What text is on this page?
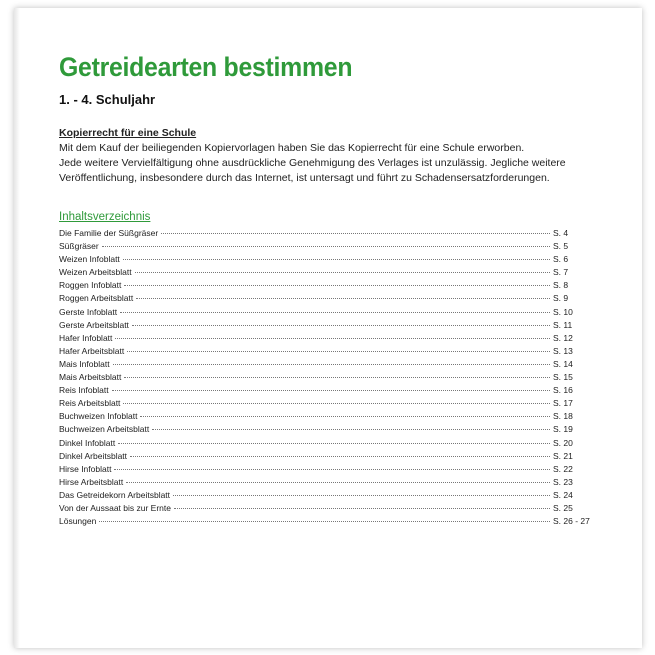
Getreidearten bestimmen
1. - 4. Schuljahr
Kopierrecht für eine Schule
Mit dem Kauf der beiliegenden Kopiervorlagen haben Sie das Kopierrecht für eine Schule erworben.
Jede weitere Vervielfältigung ohne ausdrückliche Genehmigung des Verlages ist unzulässig. Jegliche weitere
Veröffentlichung, insbesondere durch das Internet, ist untersagt und führt zu Schadensersatzforderungen.
Inhaltsverzeichnis
Die Familie der Süßgräser	S. 4
Süßgräser	S. 5
Weizen Infoblatt	S. 6
Weizen Arbeitsblatt	S. 7
Roggen Infoblatt	S. 8
Roggen Arbeitsblatt	S. 9
Gerste Infoblatt	S. 10
Gerste Arbeitsblatt	S. 11
Hafer Infoblatt	S. 12
Hafer Arbeitsblatt	S. 13
Mais Infoblatt	S. 14
Mais Arbeitsblatt	S. 15
Reis Infoblatt	S. 16
Reis Arbeitsblatt	S. 17
Buchweizen Infoblatt	S. 18
Buchweizen Arbeitsblatt	S. 19
Dinkel Infoblatt	S. 20
Dinkel Arbeitsblatt	S. 21
Hirse Infoblatt	S. 22
Hirse Arbeitsblatt	S. 23
Das Getreidekorn Arbeitsblatt	S. 24
Von der Aussaat bis zur Ernte	S. 25
Lösungen	S. 26 - 27
